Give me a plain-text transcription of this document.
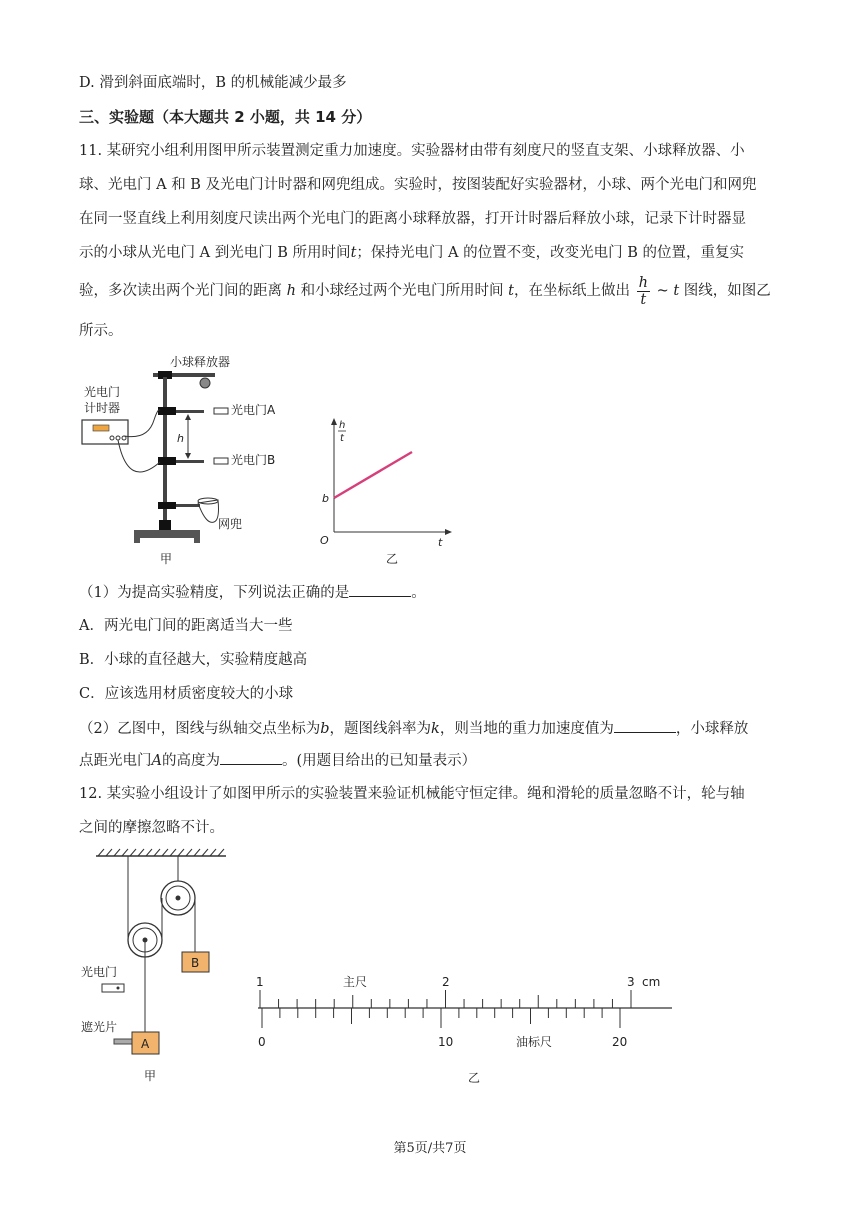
D. 滑到斜面底端时，B 的机械能减少最多
三、实验题（本大题共 2 小题，共 14 分）
11. 某研究小组利用图甲所示装置测定重力加速度。实验器材由带有刻度尺的竖直支架、小球释放器、小
球、光电门 A 和 B 及光电门计时器和网兜组成。实验时，按图装配好实验器材，小球、两个光电门和网兜
在同一竖直线上利用刻度尺读出两个光电门的距离小球释放器，打开计时器后释放小球，记录下计时器显
示的小球从光电门 A 到光电门 B 所用时间t；保持光电门 A 的位置不变，改变光电门 B 的位置，重复实
验，多次读出两个光门间的距离 h 和小球经过两个光电门所用时间 t，在坐标纸上做出 $\frac{h}{t}$ ~ t 图线，如图乙
所示。
小球释放器
光电门A
光电门B
h
网兜
光电门
计时器
甲
h
t
b
O	t
乙
（1）为提高实验精度，下列说法正确的是	。
A．两光电门间的距离适当大一些
B．小球的直径越大，实验精度越高
C．应该选用材质密度较大的小球
（2）乙图中，图线与纵轴交点坐标为b，题图线斜率为k，则当地的重力加速度值为	，小球释放
点距光电门A的高度为	。(用题目给出的已知量表示）
12. 某实验小组设计了如图甲所示的实验装置来验证机械能守恒定律。绳和滑轮的质量忽略不计，轮与轴
之间的摩擦忽略不计。
B
光电门
遮光片
A
甲
1	主尺	2	3 cm
0	10	油标尺	20
乙
第5页/共7页
